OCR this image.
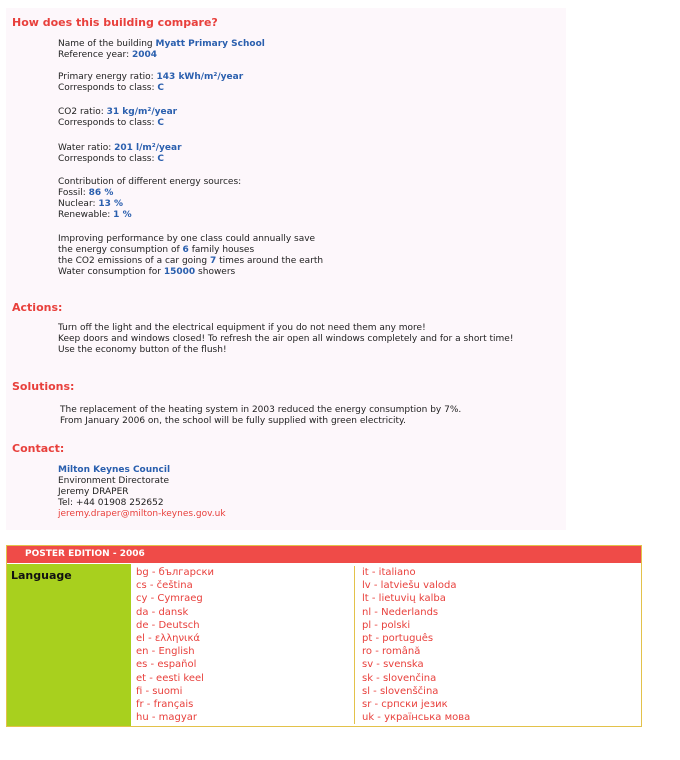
How does this building compare?
Name of the building Myatt Primary School
Reference year: 2004
Primary energy ratio: 143 kWh/m²/year
Corresponds to class: C
CO2 ratio: 31 kg/m²/year
Corresponds to class: C
Water ratio: 201 l/m²/year
Corresponds to class: C
Contribution of different energy sources:
Fossil: 86 %
Nuclear: 13 %
Renewable: 1 %
Improving performance by one class could annually save
the energy consumption of 6 family houses
the CO2 emissions of a car going 7 times around the earth
Water consumption for 15000 showers
Actions:
Turn off the light and the electrical equipment if you do not need them any more!
Keep doors and windows closed! To refresh the air open all windows completely and for a short time!
Use the economy button of the flush!
Solutions:
The replacement of the heating system in 2003 reduced the energy consumption by 7%.
From January 2006 on, the school will be fully supplied with green electricity.
Contact:
Milton Keynes Council
Environment Directorate
Jeremy DRAPER
Tel: +44 01908 252652
jeremy.draper@milton-keynes.gov.uk
POSTER EDITION - 2006
Language	bg - български
cs - čeština
cy - Cymraeg
da - dansk
de - Deutsch
el - ελληνικά
en - English
es - español
et - eesti keel
fi - suomi
fr - français
hu - magyar
it - italiano
lv - latviešu valoda
lt - lietuvių kalba
nl - Nederlands
pl - polski
pt - português
ro - română
sv - svenska
sk - slovenčina
sl - slovenščina
sr - српски језик
uk - українська мова
